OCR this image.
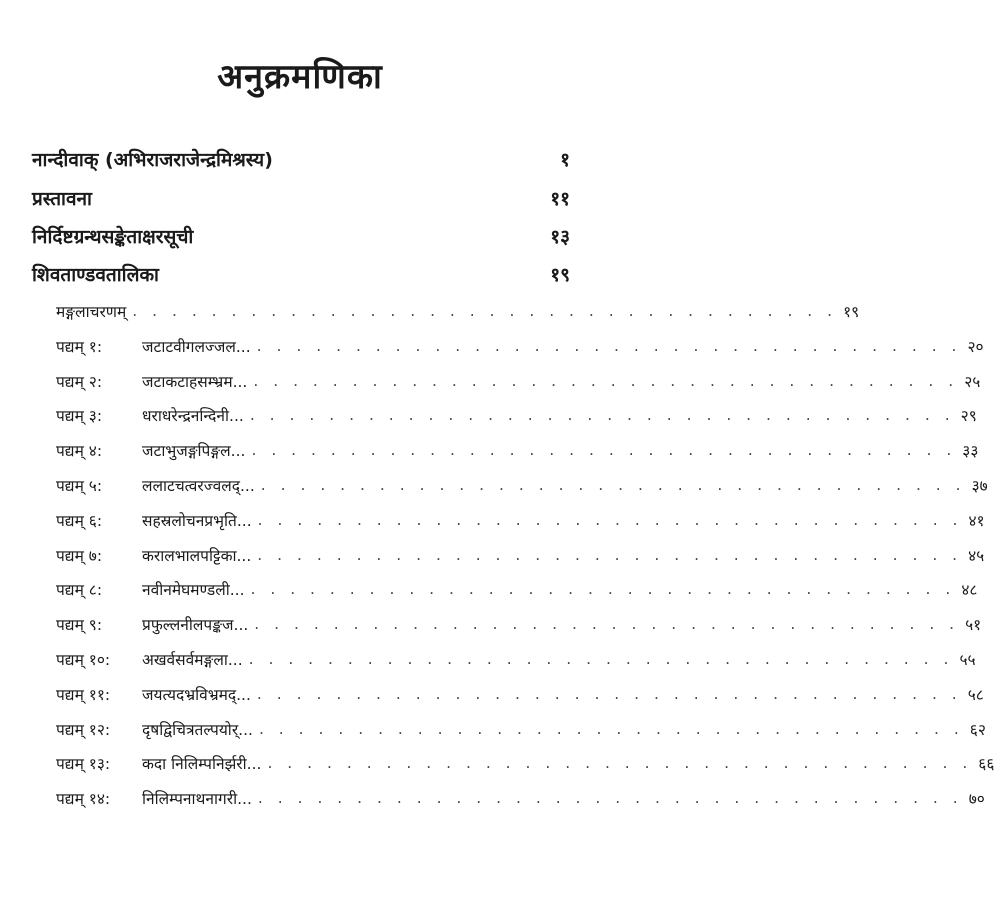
अनुक्रमणिका
नान्दीवाक् (अभिराजराजेन्द्रमिश्रस्य)	१
प्रस्तावना	११
निर्दिष्टग्रन्थसङ्केताक्षरसूची	१३
शिवताण्डवतालिका	१९
मङ्गलाचरणम् . . . . . . . . . . . . . . . . . . . . . . . . . . . . . . . . . . . . १९
पद्यम् १:	जटाटवीगलज्जल... . . . . . . . . . . . . . . . . . . . . . . . . . . . . . . . . . . . . २०
पद्यम् २:	जटाकटाहसम्भ्रम... . . . . . . . . . . . . . . . . . . . . . . . . . . . . . . . . . . . . २५
पद्यम् ३:	धराधरेन्द्रनन्दिनी... . . . . . . . . . . . . . . . . . . . . . . . . . . . . . . . . . . . . २९
पद्यम् ४:	जटाभुजङ्गपिङ्गल... . . . . . . . . . . . . . . . . . . . . . . . . . . . . . . . . . . . . ३३
पद्यम् ५:	ललाटचत्वरज्वलद्... . . . . . . . . . . . . . . . . . . . . . . . . . . . . . . . . . . . . ३७
पद्यम् ६:	सहस्रलोचनप्रभृति... . . . . . . . . . . . . . . . . . . . . . . . . . . . . . . . . . . . . ४१
पद्यम् ७:	करालभालपट्टिका... . . . . . . . . . . . . . . . . . . . . . . . . . . . . . . . . . . . . ४५
पद्यम् ८:	नवीनमेघमण्डली... . . . . . . . . . . . . . . . . . . . . . . . . . . . . . . . . . . . . ४८
पद्यम् ९:	प्रफुल्लनीलपङ्कज... . . . . . . . . . . . . . . . . . . . . . . . . . . . . . . . . . . . . ५१
पद्यम् १०: अखर्वसर्वमङ्गला... . . . . . . . . . . . . . . . . . . . . . . . . . . . . . . . . . . . . ५५
पद्यम् ११: जयत्यदभ्रविभ्रमद्... . . . . . . . . . . . . . . . . . . . . . . . . . . . . . . . . . . . . ५८
पद्यम् १२: दृषद्विचित्रतल्पयोर्... . . . . . . . . . . . . . . . . . . . . . . . . . . . . . . . . . . . . ६२
पद्यम् १३: कदा निलिम्पनिर्झरी... . . . . . . . . . . . . . . . . . . . . . . . . . . . . . . . . . . . . ६६
पद्यम् १४: निलिम्पनाथनागरी... . . . . . . . . . . . . . . . . . . . . . . . . . . . . . . . . . . . . ७०
